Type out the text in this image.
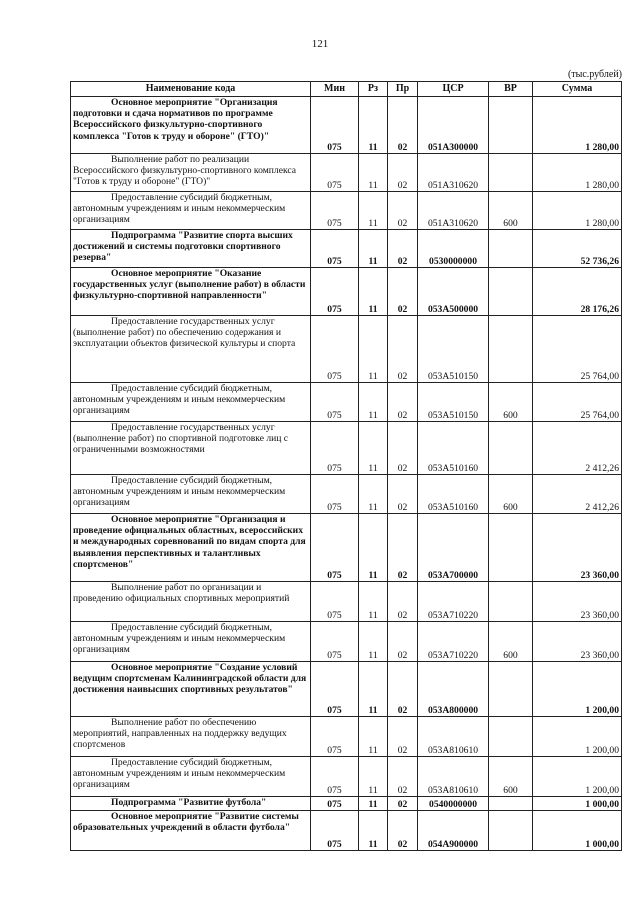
121
(тыс.рублей)
Наименование кода	Мин	Рз	Пр	ЦСР	ВР	Сумма
Основное мероприятие "Организация подготовки и сдача нормативов по программе Всероссийского физкультурно-спортивного комплекса "Готов к труду и обороне" (ГТО)"	075	11	02	051А300000		1 280,00
Выполнение работ по реализации Всероссийского физкультурно-спортивного комплекса "Готов к труду и обороне" (ГТО)"	075	11	02	051А310620		1 280,00
Предоставление субсидий бюджетным, автономным учреждениям и иным некоммерческим организациям	075	11	02	051А310620	600	1 280,00
Подпрограмма "Развитие спорта высших достижений и системы подготовки спортивного резерва"	075	11	02	0530000000		52 736,26
Основное мероприятие "Оказание государственных услуг (выполнение работ) в области физкультурно-спортивной направленности"	075	11	02	053А500000		28 176,26
Предоставление государственных услуг (выполнение работ) по обеспечению содержания и эксплуатации объектов физической культуры и спорта	075	11	02	053А510150		25 764,00
Предоставление субсидий бюджетным, автономным учреждениям и иным некоммерческим организациям	075	11	02	053А510150	600	25 764,00
Предоставление государственных услуг (выполнение работ) по спортивной подготовке лиц с ограниченными возможностями	075	11	02	053А510160		2 412,26
Предоставление субсидий бюджетным, автономным учреждениям и иным некоммерческим организациям	075	11	02	053А510160	600	2 412,26
Основное мероприятие "Организация и проведение официальных областных, всероссийских и международных соревнований по видам спорта для выявления перспективных и талантливых спортсменов"	075	11	02	053А700000		23 360,00
Выполнение работ по организации и проведению официальных спортивных мероприятий	075	11	02	053А710220		23 360,00
Предоставление субсидий бюджетным, автономным учреждениям и иным некоммерческим организациям	075	11	02	053А710220	600	23 360,00
Основное мероприятие "Создание условий ведущим спортсменам Калининградской области для достижения наивысших спортивных результатов"	075	11	02	053А800000		1 200,00
Выполнение работ по обеспечению мероприятий, направленных на поддержку ведущих спортсменов	075	11	02	053А810610		1 200,00
Предоставление субсидий бюджетным, автономным учреждениям и иным некоммерческим организациям	075	11	02	053А810610	600	1 200,00
Подпрограмма "Развитие футбола"	075	11	02	0540000000		1 000,00
Основное мероприятие "Развитие системы образовательных учреждений в области футбола"	075	11	02	054А900000		1 000,00
